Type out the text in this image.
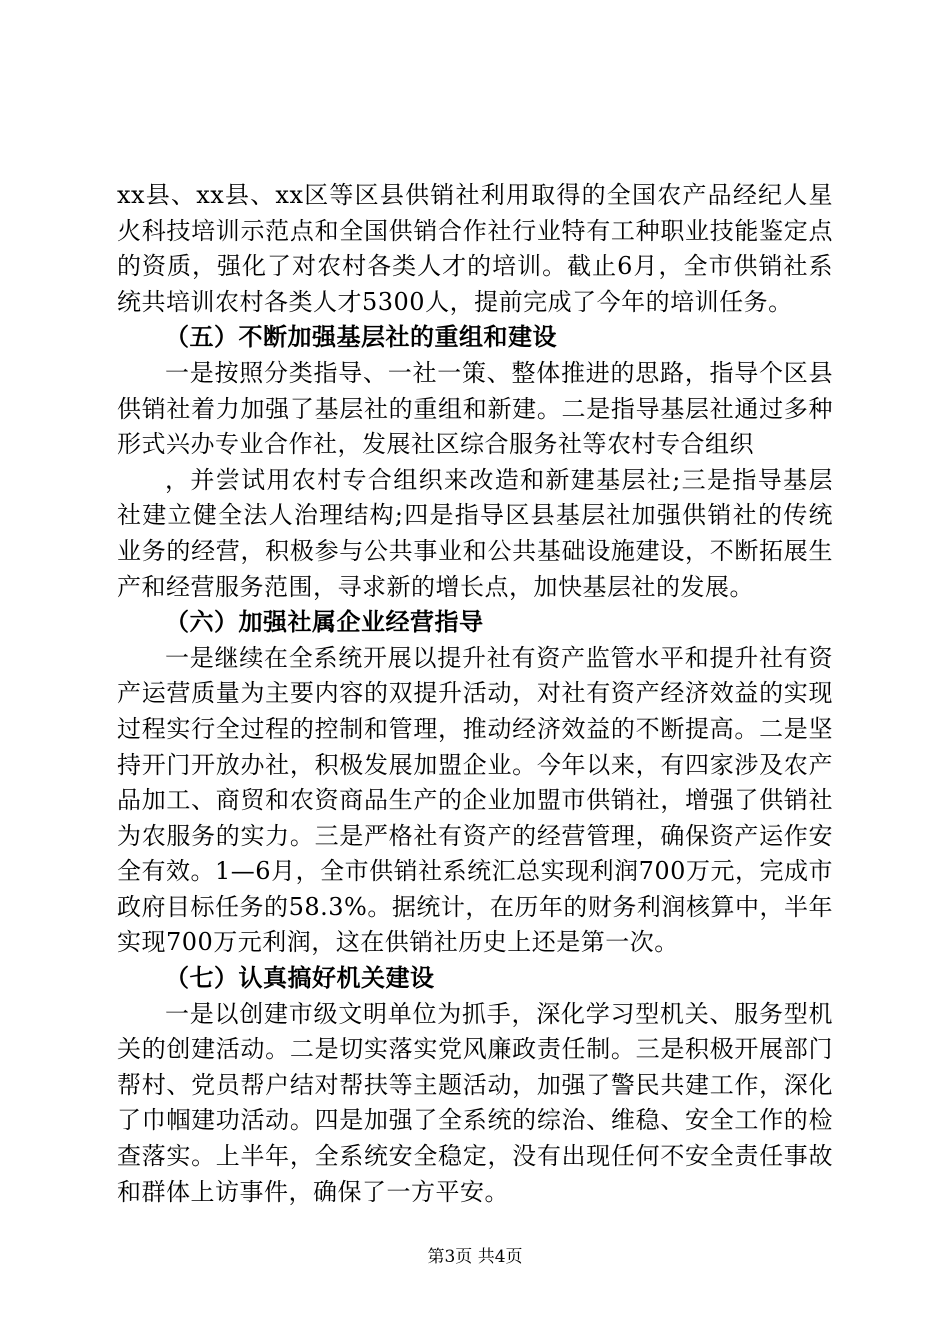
xx县、xx县、xx区等区县供销社利用取得的全国农产品经纪人星火科技培训示范点和全国供销合作社行业特有工种职业技能鉴定点的资质，强化了对农村各类人才的培训。截止6月，全市供销社系统共培训农村各类人才5300人，提前完成了今年的培训任务。

（五）不断加强基层社的重组和建设

一是按照分类指导、一社一策、整体推进的思路，指导个区县供销社着力加强了基层社的重组和新建。二是指导基层社通过多种形式兴办专业合作社，发展社区综合服务社等农村专合组织

，并尝试用农村专合组织来改造和新建基层社;三是指导基层社建立健全法人治理结构;四是指导区县基层社加强供销社的传统业务的经营，积极参与公共事业和公共基础设施建设，不断拓展生产和经营服务范围，寻求新的增长点，加快基层社的发展。

（六）加强社属企业经营指导

一是继续在全系统开展以提升社有资产监管水平和提升社有资产运营质量为主要内容的双提升活动，对社有资产经济效益的实现过程实行全过程的控制和管理，推动经济效益的不断提高。二是坚持开门开放办社，积极发展加盟企业。今年以来，有四家涉及农产品加工、商贸和农资商品生产的企业加盟市供销社，增强了供销社为农服务的实力。三是严格社有资产的经营管理，确保资产运作安全有效。1—6月，全市供销社系统汇总实现利润700万元，完成市政府目标任务的58.3%。据统计，在历年的财务利润核算中，半年实现700万元利润，这在供销社历史上还是第一次。

（七）认真搞好机关建设

一是以创建市级文明单位为抓手，深化学习型机关、服务型机关的创建活动。二是切实落实党风廉政责任制。三是积极开展部门帮村、党员帮户结对帮扶等主题活动，加强了警民共建工作，深化了巾帼建功活动。四是加强了全系统的综治、维稳、安全工作的检查落实。上半年，全系统安全稳定，没有出现任何不安全责任事故和群体上访事件，确保了一方平安。

第3页 共4页
